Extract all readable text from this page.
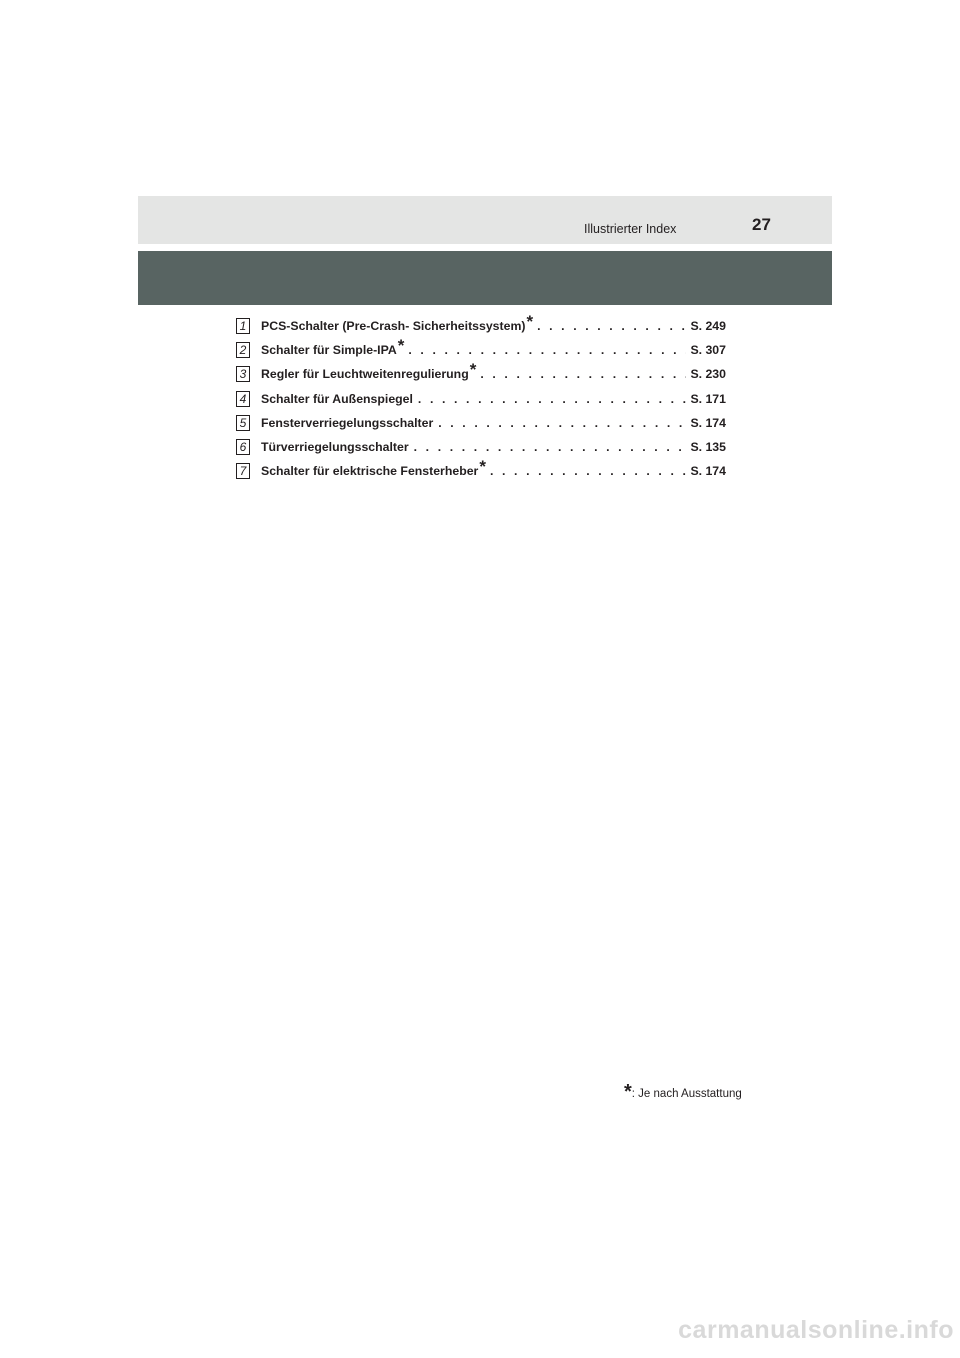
Illustrierter Index	27
1 PCS-Schalter (Pre-Crash- Sicherheitssystem) * . . .	S. 249
2 Schalter für Simple-IPA * . . .	S. 307
3 Regler für Leuchtweitenregulierung * . . .	S. 230
4 Schalter für Außenspiegel . . .	S. 171
5 Fensterverriegelungsschalter . . .	S. 174
6 Türverriegelungsschalter . . .	S. 135
7 Schalter für elektrische Fensterheber * . . .	S. 174
*: Je nach Ausstattung
carmanualsonline.info
